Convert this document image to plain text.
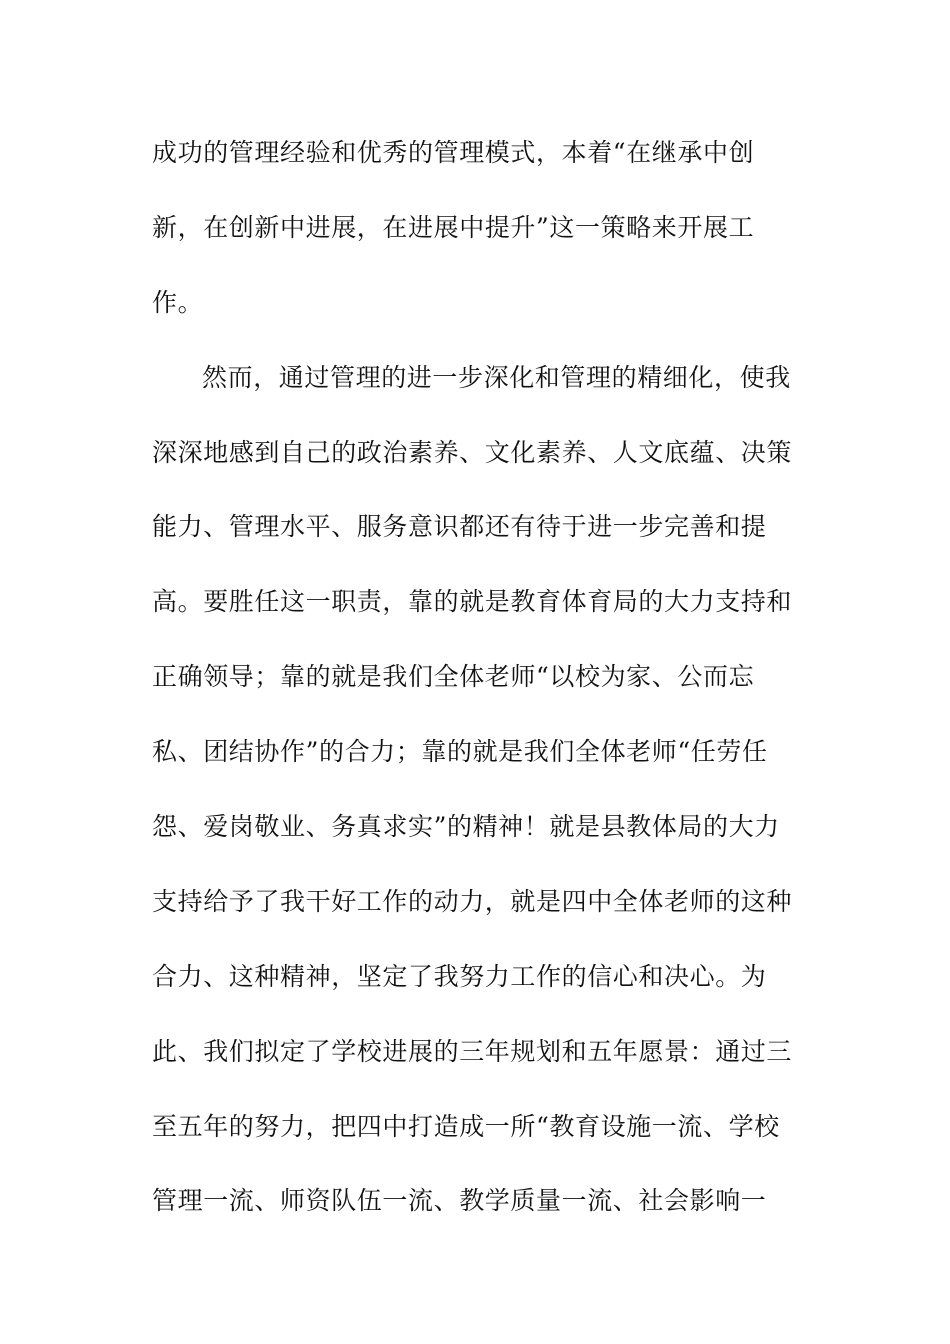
成功的管理经验和优秀的管理模式，本着“在继承中创
新，在创新中进展，在进展中提升”这一策略来开展工
作。
然而，通过管理的进一步深化和管理的精细化，使我
深深地感到自己的政治素养、文化素养、人文底蕴、决策
能力、管理水平、服务意识都还有待于进一步完善和提
高。要胜任这一职责，靠的就是教育体育局的大力支持和
正确领导；靠的就是我们全体老师“以校为家、公而忘
私、团结协作”的合力；靠的就是我们全体老师“任劳任
怨、爱岗敬业、务真求实”的精神！就是县教体局的大力
支持给予了我干好工作的动力，就是四中全体老师的这种
合力、这种精神，坚定了我努力工作的信心和决心。为
此、我们拟定了学校进展的三年规划和五年愿景：通过三
至五年的努力，把四中打造成一所“教育设施一流、学校
管理一流、师资队伍一流、教学质量一流、社会影响一
